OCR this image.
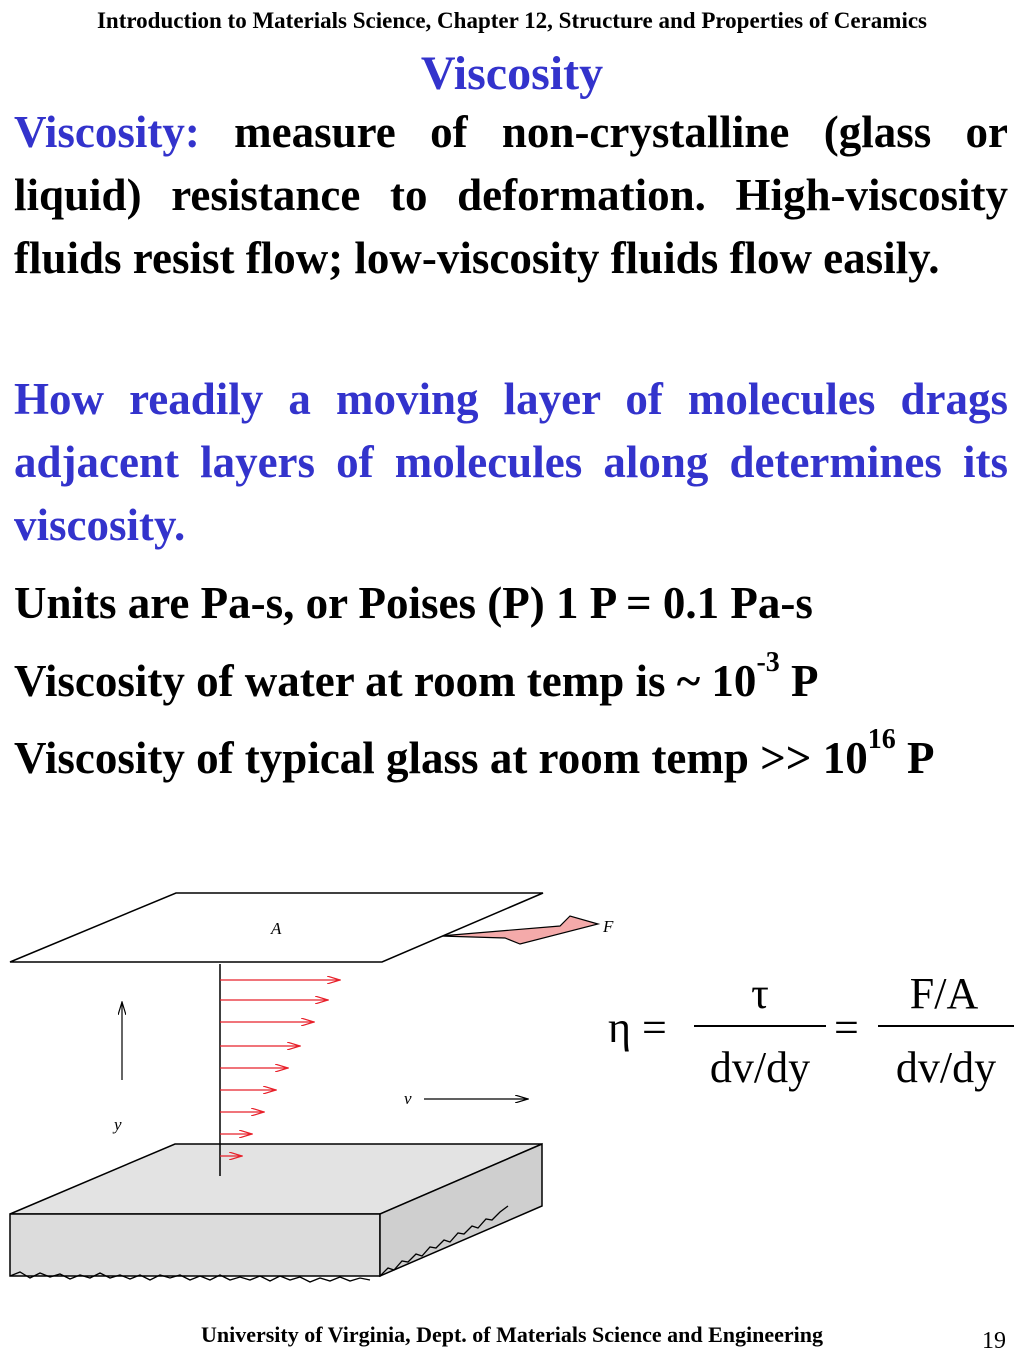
Introduction to Materials Science, Chapter 12, Structure and Properties of Ceramics
Viscosity

Viscosity: measure of non-crystalline (glass or liquid) resistance to deformation. High-viscosity fluids resist flow; low-viscosity fluids flow easily.

How readily a moving layer of molecules drags adjacent layers of molecules along determines its viscosity.

Units are Pa-s, or Poises (P) 1 P = 0.1 Pa-s

Viscosity of water at room temp is ~ $10^{-3}$ P

Viscosity of typical glass at room temp >> $10^{16}$ P

A	F
v
y
η =
τ
dv/dy
=
F/A
dv/dy
University of Virginia, Dept. of Materials Science and Engineering	19
